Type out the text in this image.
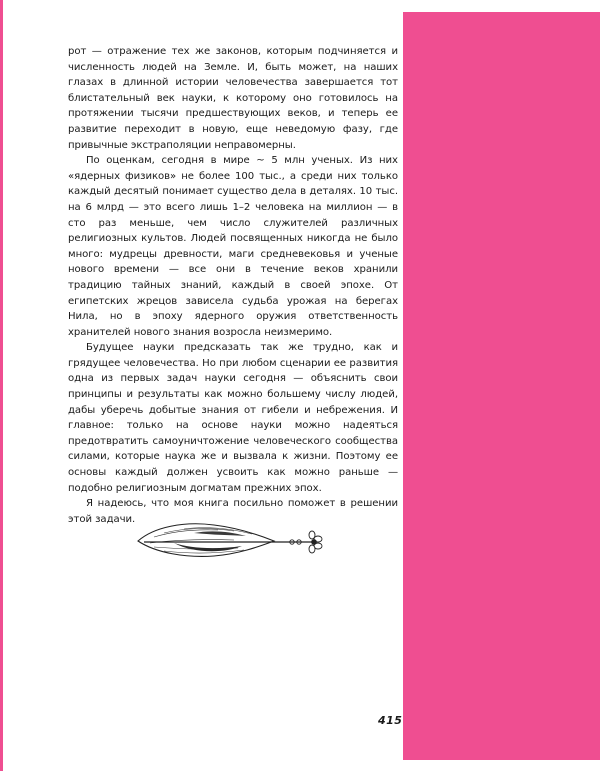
рот — отражение тех же законов, которым подчиняется и численность людей на Земле. И, быть может, на наших глазах в длинной истории человечества завершается тот блистательный век науки, к которому оно готовилось на протяжении тысячи предшествующих веков, и теперь ее развитие переходит в новую, еще неведомую фазу, где привычные экстраполяции неправомерны.

По оценкам, сегодня в мире ~ 5 млн ученых. Из них «ядерных физиков» не более 100 тыс., а среди них только каждый десятый понимает существо дела в деталях. 10 тыс. на 6 млрд — это всего лишь 1–2 человека на миллион — в сто раз меньше, чем число служителей различных религиозных культов. Людей посвященных никогда не было много: мудрецы древности, маги средневековья и ученые нового времени — все они в течение веков хранили традицию тайных знаний, каждый в своей эпохе. От египетских жрецов зависела судьба урожая на берегах Нила, но в эпоху ядерного оружия ответственность хранителей нового знания возросла неизмеримо.

Будущее науки предсказать так же трудно, как и грядущее человечества. Но при любом сценарии ее развития одна из первых задач науки сегодня — объяснить свои принципы и результаты как можно большему числу людей, дабы уберечь добытые знания от гибели и небрежения. И главное: только на основе науки можно надеяться предотвратить самоуничтожение человеческого сообщества силами, которые наука же и вызвала к жизни. Поэтому ее основы каждый должен усвоить как можно раньше — подобно религиозным догматам прежних эпох.

Я надеюсь, что моя книга посильно поможет в решении этой задачи.

415
